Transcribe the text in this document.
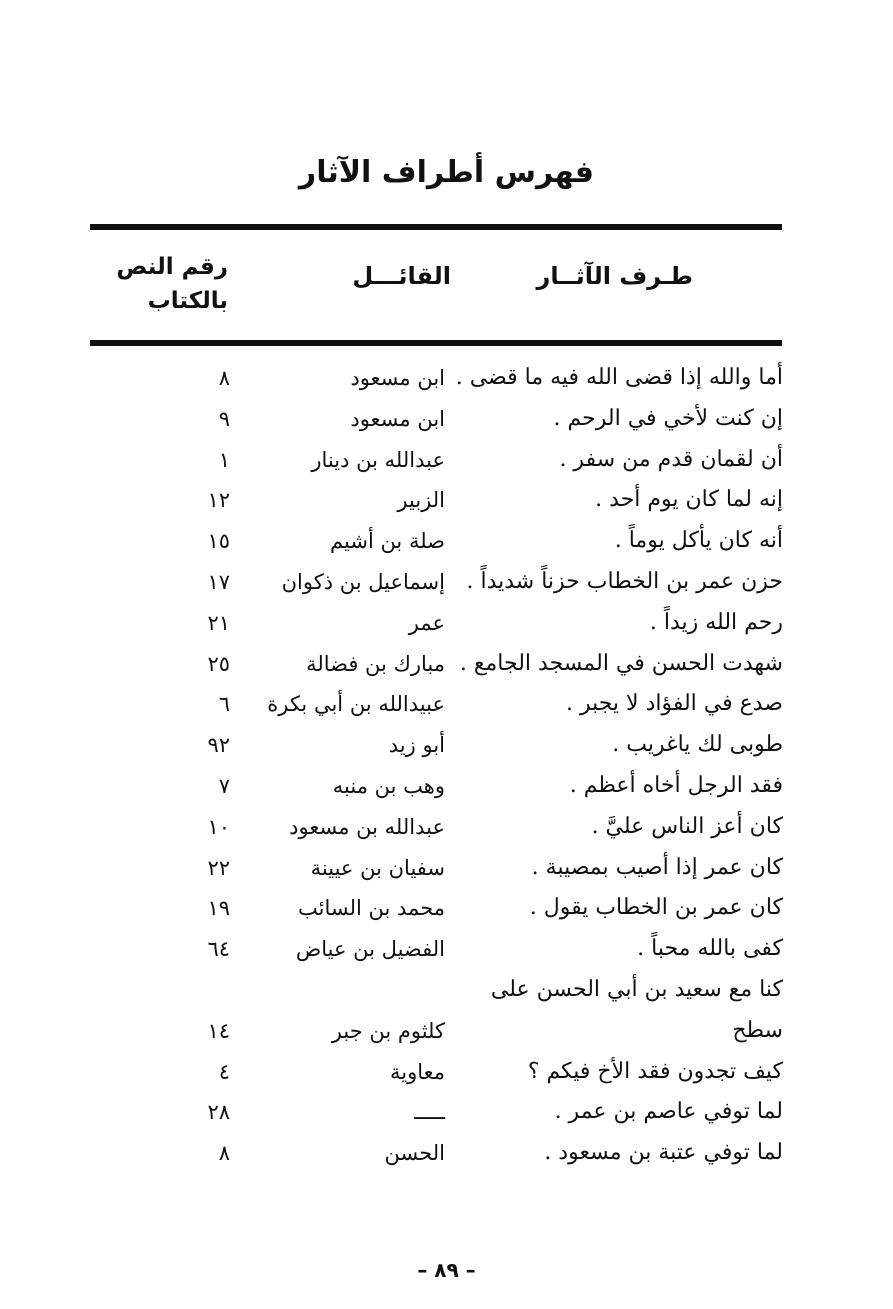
فهرس أطراف الآثار
طـرف الآثــار
القائـــل
رقم النص
بالكتاب
أما والله إذا قضى الله فيه ما قضى .
ابن مسعود
٨
إن كنت لأخي في الرحم .
ابن مسعود
٩
أن لقمان قدم من سفر .
عبدالله بن دينار
١
إنه لما كان يوم أحد .
الزبير
١٢
أنه كان يأكل يوماً .
صلة بن أشيم
١٥
حزن عمر بن الخطاب حزناً شديداً .
إسماعيل بن ذكوان
١٧
رحم الله زيداً .
عمر
٢١
شهدت الحسن في المسجد الجامع .
مبارك بن فضالة
٢٥
صدع في الفؤاد لا يجبر .
عبيدالله بن أبي بكرة
٦
طوبى لك ياغريب .
أبو زيد
٩٢
فقد الرجل أخاه أعظم .
وهب بن منبه
٧
كان أعز الناس عليَّ .
عبدالله بن مسعود
١٠
كان عمر إذا أصيب بمصيبة .
سفيان بن عيينة
٢٢
كان عمر بن الخطاب يقول .
محمد بن السائب
١٩
كفى بالله محباً .
الفضيل بن عياض
٦٤
كنا مع سعيد بن أبي الحسن على سطح
كلثوم بن جبر
١٤
كيف تجدون فقد الأخ فيكم ؟
معاوية
٤
لما توفي عاصم بن عمر .
ـــــ
٢٨
لما توفي عتبة بن مسعود .
الحسن
٨
– ٨٩ –
